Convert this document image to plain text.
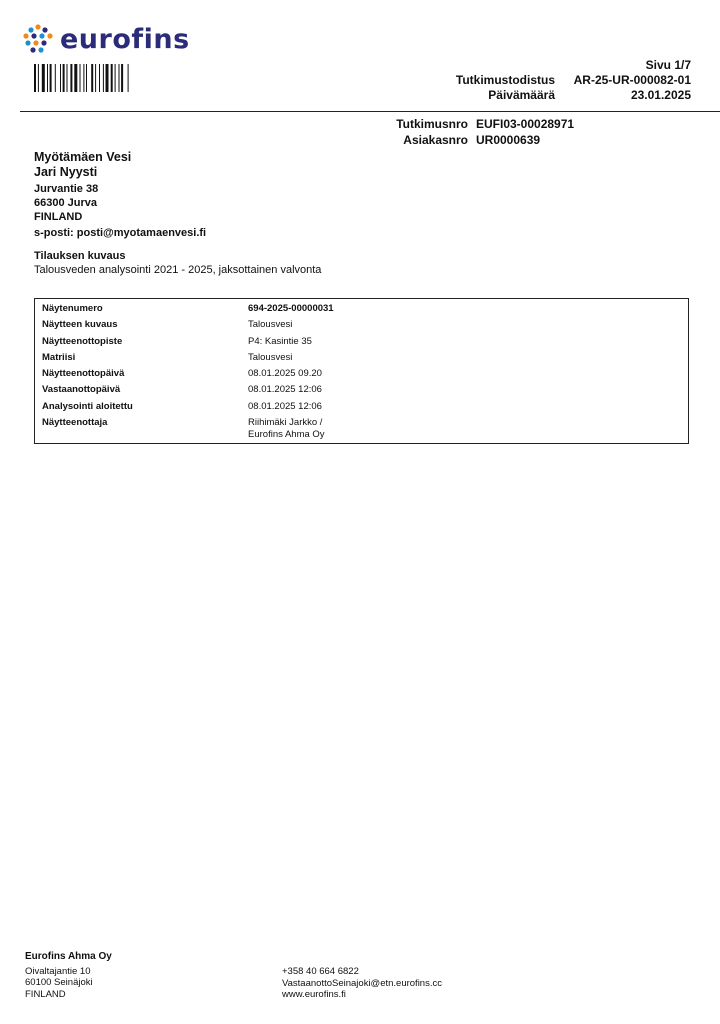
eurofins
Sivu 1/7
Tutkimustodistus AR-25-UR-000082-01
Päivämäärä	23.01.2025
Tutkimusnro EUFI03-00028971
Asiakasnro UR0000639
Myötämäen Vesi
Jari Nyysti
Jurvantie 38
66300 Jurva
FINLAND
s-posti: posti@myotamaenvesi.fi
Tilauksen kuvaus
Talousveden analysointi 2021 - 2025, jaksottainen valvonta
Näytenumero	694-2025-00000031
Näytteen kuvaus	Talousvesi
Näytteenottopiste	P4: Kasintie 35
Matriisi	Talousvesi
Näytteenottopäivä	08.01.2025 09.20
Vastaanottopäivä	08.01.2025 12:06
Analysointi aloitettu	08.01.2025 12:06
Näytteenottaja	Riihimäki Jarkko /
Eurofins Ahma Oy
Eurofins Ahma Oy
Oivaltajantie 10
60100 Seinäjoki
FINLAND
+358 40 664 6822
VastaanottoSeinajoki@etn.eurofins.cc
www.eurofins.fi
